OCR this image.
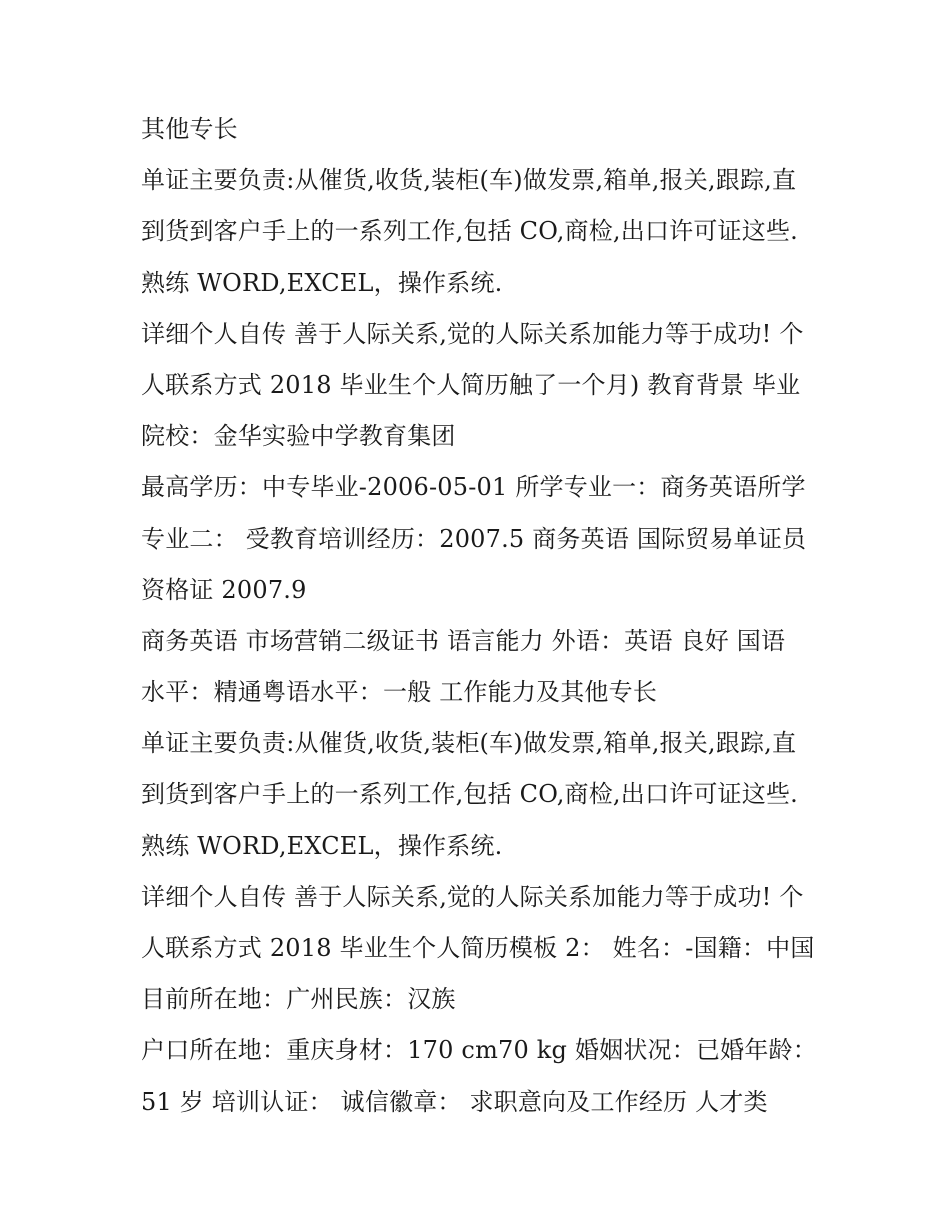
其他专长
单证主要负责:从催货,收货,装柜(车)做发票,箱单,报关,跟踪,直
到货到客户手上的一系列工作,包括 CO,商检,出口许可证这些.
熟练 WORD,EXCEL，操作系统.
详细个人自传 善于人际关系,觉的人际关系加能力等于成功! 个
人联系方式 2018 毕业生个人简历触了一个月) 教育背景 毕业
院校：金华实验中学教育集团
最高学历：中专毕业-2006-05-01 所学专业一：商务英语所学
专业二： 受教育培训经历：2007.5 商务英语 国际贸易单证员
资格证 2007.9
商务英语 市场营销二级证书 语言能力 外语：英语 良好 国语
水平：精通粤语水平：一般 工作能力及其他专长
单证主要负责:从催货,收货,装柜(车)做发票,箱单,报关,跟踪,直
到货到客户手上的一系列工作,包括 CO,商检,出口许可证这些.
熟练 WORD,EXCEL，操作系统.
详细个人自传 善于人际关系,觉的人际关系加能力等于成功! 个
人联系方式 2018 毕业生个人简历模板 2： 姓名：-国籍：中国
目前所在地：广州民族：汉族
户口所在地：重庆身材：170 cm70 kg 婚姻状况：已婚年龄：
51 岁 培训认证： 诚信徽章： 求职意向及工作经历 人才类
